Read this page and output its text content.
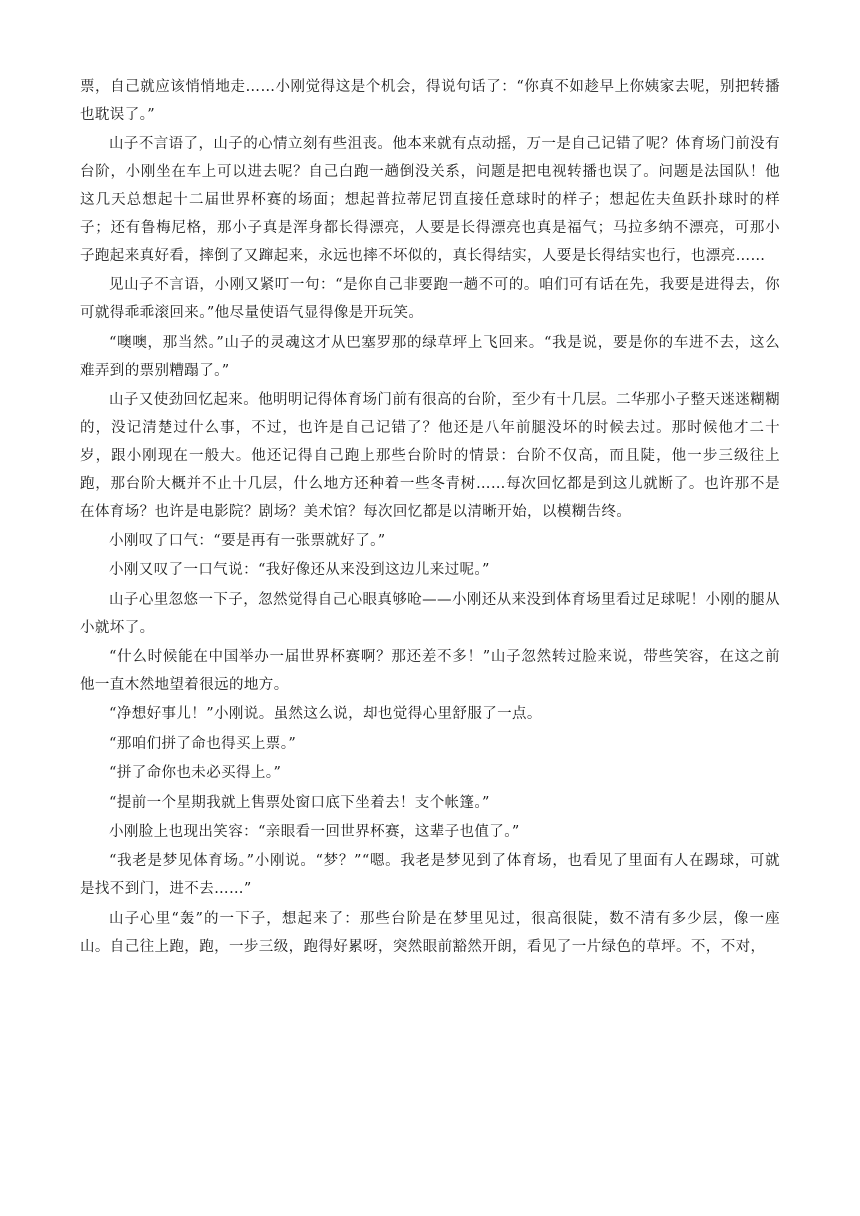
票，自己就应该悄悄地走……小刚觉得这是个机会，得说句话了：“你真不如趁早上你姨家去呢，别把转播也耽误了。”

山子不言语了，山子的心情立刻有些沮丧。他本来就有点动摇，万一是自己记错了呢？体育场门前没有台阶，小刚坐在车上可以进去呢？自己白跑一趟倒没关系，问题是把电视转播也误了。问题是法国队！他这几天总想起十二届世界杯赛的场面；想起普拉蒂尼罚直接任意球时的样子；想起佐夫鱼跃扑球时的样子；还有鲁梅尼格，那小子真是浑身都长得漂亮，人要是长得漂亮也真是福气；马拉多纳不漂亮，可那小子跑起来真好看，摔倒了又蹿起来，永远也摔不坏似的，真长得结实，人要是长得结实也行，也漂亮……

见山子不言语，小刚又紧叮一句：“是你自己非要跑一趟不可的。咱们可有话在先，我要是进得去，你可就得乖乖滚回来。”他尽量使语气显得像是开玩笑。

“噢噢，那当然。”山子的灵魂这才从巴塞罗那的绿草坪上飞回来。“我是说，要是你的车进不去，这么难弄到的票别糟蹋了。”

山子又使劲回忆起来。他明明记得体育场门前有很高的台阶，至少有十几层。二华那小子整天迷迷糊糊的，没记清楚过什么事，不过，也许是自己记错了？他还是八年前腿没坏的时候去过。那时候他才二十岁，跟小刚现在一般大。他还记得自己跑上那些台阶时的情景：台阶不仅高，而且陡，他一步三级往上跑，那台阶大概并不止十几层，什么地方还种着一些冬青树……每次回忆都是到这儿就断了。也许那不是在体育场？也许是电影院？剧场？美术馆？每次回忆都是以清晰开始，以模糊告终。

小刚叹了口气：“要是再有一张票就好了。”

小刚又叹了一口气说：“我好像还从来没到这边儿来过呢。”

山子心里忽悠一下子，忽然觉得自己心眼真够呛——小刚还从来没到体育场里看过足球呢！小刚的腿从小就坏了。

“什么时候能在中国举办一届世界杯赛啊？那还差不多！”山子忽然转过脸来说，带些笑容，在这之前他一直木然地望着很远的地方。

“净想好事儿！”小刚说。虽然这么说，却也觉得心里舒服了一点。

“那咱们拼了命也得买上票。”

“拼了命你也未必买得上。”

“提前一个星期我就上售票处窗口底下坐着去！支个帐篷。”

小刚脸上也现出笑容：“亲眼看一回世界杯赛，这辈子也值了。”

“我老是梦见体育场。”小刚说。“梦？”“嗯。我老是梦见到了体育场，也看见了里面有人在踢球，可就是找不到门，进不去……”

山子心里“轰”的一下子，想起来了：那些台阶是在梦里见过，很高很陡，数不清有多少层，像一座山。自己往上跑，跑，一步三级，跑得好累呀，突然眼前豁然开朗，看见了一片绿色的草坪。不，不对，
